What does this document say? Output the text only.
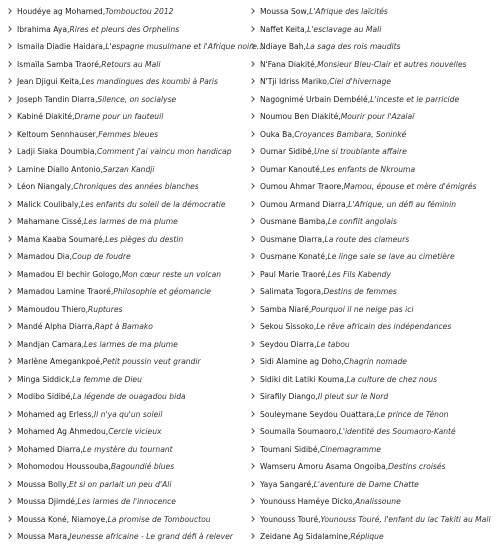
Houdéye ag Mohamed , Tombouctou 2012
Ibrahima Aya , Rires et pleurs des Orphelins
Ismaila Diadie Haidara , L'espagne musulmane et l'Afrique noire...
Ismaïla Samba Traoré , Retours au Mali
Jean Djigui Keita , Les mandingues des koumbi à Paris
Joseph Tandin Diarra , Silence, on socialyse
Kabiné Diakité , Drame pour un fauteuil
Keltoum Sennhauser , Femmes bleues
Ladji Siaka Doumbia , Comment j'ai vaincu mon handicap
Lamine Diallo Antonio , Sarzan Kandji
Léon Niangaly , Chroniques des années blanches
Malick Coulibaly , Les enfants du soleil de la démocratie
Mahamane Cissé , Les larmes de ma plume
Mama Kaaba Soumaré , Les pièges du destin
Mamadou Dia , Coup de foudre
Mamadou El bechir Gologo , Mon cœur reste un volcan
Mamadou Lamine Traoré , Philosophie et géomancie
Mamoudou Thiero , Ruptures
Mandé Alpha Diarra , Rapt à Bamako
Mandjan Camara , Les larmes de ma plume
Marlène Amegankpoé , Petit poussin veut grandir
Minga Siddick , La femme de Dieu
Modibo Sidibé , La légende de ouagadou bida
Mohamed ag Erless , Il n'ya qu'un soleil
Mohamed Ag Ahmedou , Cercle vicieux
Mohamed Diarra , Le mystère du tournant
Mohomodou Houssouba , Bagoundié blues
Moussa Bolly , Et si on parlait un peu d'Ali
Moussa Djimdé , Les larmes de l'innocence
Moussa Koné, Niamoye , La promise de Tombouctou
Moussa Mara , Jeunesse africaine - Le grand défi à relever
Moussa Sow , L'Afrique des laïcités
Naffet Keita , L'esclavage au Mali
Ndiaye Bah , La saga des rois maudits
N'Fana Diakité , Monsieur Bleu-Clair et autres nouvelles
N'Tji Idriss Mariko , Ciel d'hivernage
Nagognimé Urbain Dembélé , L'inceste et le parricide
Noumou Ben Diakité , Mourir pour l'Azalaï
Ouka Ba , Croyances Bambara, Soninké
Oumar Sidibé , Une si troublante affaire
Oumar Kanouté , Les enfants de Nkrouma
Oumou Ahmar Traore , Mamou, épouse et mère d'émigrés
Oumou Armand Diarra , L'Afrique, un défi au féminin
Ousmane Bamba , Le conflit angolais
Ousmane Diarra , La route des clameurs
Ousmane Konaté , Le linge sale se lave au cimetière
Paul Marie Traoré , Les Fils Kabendy
Salimata Togora , Destins de femmes
Samba Niaré , Pourquoi il ne neige pas ici
Sekou Sissoko , Le rêve africain des indépendances
Seydou Diarra , Le tabou
Sidi Alamine ag Doho , Chagrin nomade
Sidiki dit Latiki Kouma , La culture de chez nous
Sirafily Diango , Il pleut sur le Nord
Souleymane Seydou Ouattara , Le prince de Ténon
Soumaila Soumaoro , L'identité des Soumaoro-Kanté
Toumani Sidibé , Cinemagramme
Wamseru Amoru Asama Ongoiba , Destins croisés
Yaya Sangaré , L'aventure de Dame Chatte
Younouss Haméye Dicko , Analissoune
Younouss Touré , Younouss Touré, l'enfant du lac Takiti au Mali
Zeidane Ag Sidalamine , Réplique
